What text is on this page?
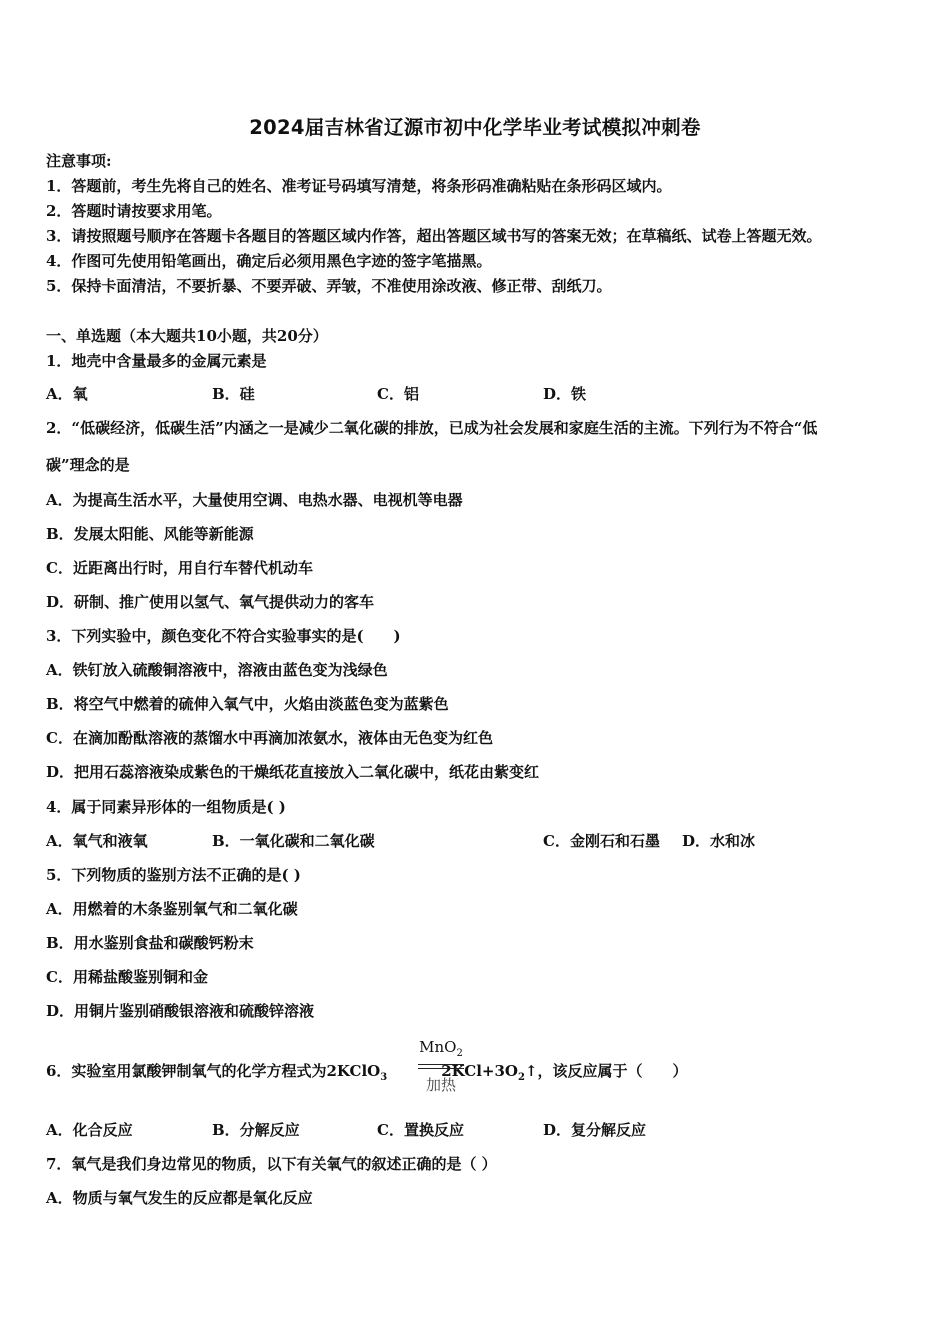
2024届吉林省辽源市初中化学毕业考试模拟冲刺卷
注意事项:
1．答题前，考生先将自己的姓名、准考证号码填写清楚，将条形码准确粘贴在条形码区域内。
2．答题时请按要求用笔。
3．请按照题号顺序在答题卡各题目的答题区域内作答，超出答题区域书写的答案无效；在草稿纸、试卷上答题无效。
4．作图可先使用铅笔画出，确定后必须用黑色字迹的签字笔描黑。
5．保持卡面清洁，不要折暴、不要弄破、弄皱，不准使用涂改液、修正带、刮纸刀。
一、单选题（本大题共10小题，共20分）
1．地壳中含量最多的金属元素是
A．氧	B．硅	C．铝	D．铁
2．“低碳经济，低碳生活”内涵之一是减少二氧化碳的排放，已成为社会发展和家庭生活的主流。下列行为不符合“低
碳”理念的是
A．为提高生活水平，大量使用空调、电热水器、电视机等电器
B．发展太阳能、风能等新能源
C．近距离出行时，用自行车替代机动车
D．研制、推广使用以氢气、氧气提供动力的客车
3．下列实验中，颜色变化不符合实验事实的是(　　)
A．铁钉放入硫酸铜溶液中，溶液由蓝色变为浅绿色
B．将空气中燃着的硫伸入氧气中，火焰由淡蓝色变为蓝紫色
C．在滴加酚酞溶液的蒸馏水中再滴加浓氨水，液体由无色变为红色
D．把用石蕊溶液染成紫色的干燥纸花直接放入二氧化碳中，纸花由紫变红
4．属于同素异形体的一组物质是( )
A．氧气和液氧	B．一氧化碳和二氧化碳	C．金刚石和石墨 D．水和冰
5．下列物质的鉴别方法不正确的是( )
A．用燃着的木条鉴别氧气和二氧化碳
B．用水鉴别食盐和碳酸钙粉末
C．用稀盐酸鉴别铜和金
D．用铜片鉴别硝酸银溶液和硫酸锌溶液
6．实验室用氯酸钾制氧气的化学方程式为2KClO$_3$	$2KCl+3O_2↑$，该反应属于（　　）
MnO$_2$
加热
A．化合反应	B．分解反应	C．置换反应	D．复分解反应
7．氧气是我们身边常见的物质，以下有关氧气的叙述正确的是（ ）
A．物质与氧气发生的反应都是氧化反应
